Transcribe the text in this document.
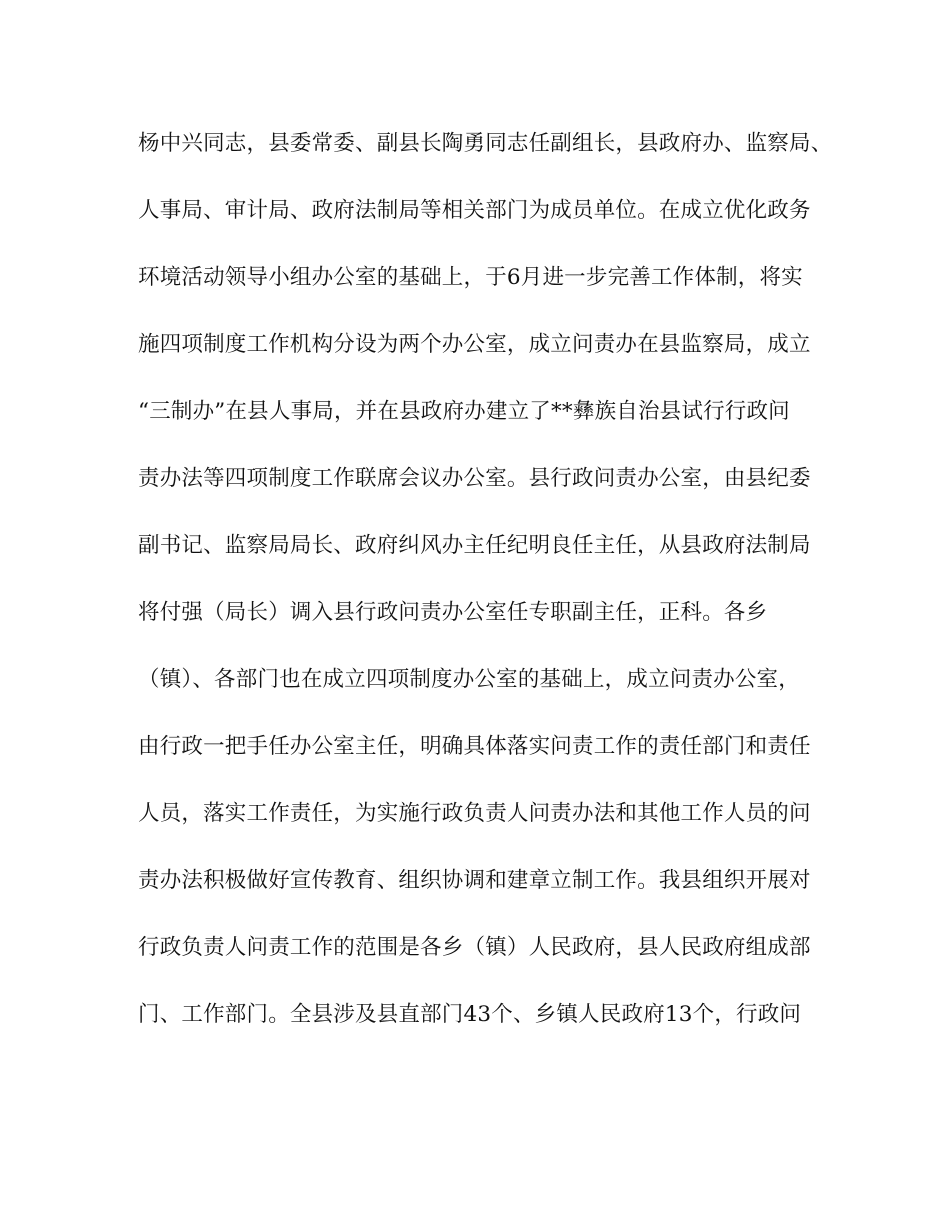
杨中兴同志，县委常委、副县长陶勇同志任副组长，县政府办、监察局、
人事局、审计局、政府法制局等相关部门为成员单位。在成立优化政务
环境活动领导小组办公室的基础上，于6月进一步完善工作体制，将实
施四项制度工作机构分设为两个办公室，成立问责办在县监察局，成立
“三制办”在县人事局，并在县政府办建立了**彝族自治县试行行政问
责办法等四项制度工作联席会议办公室。县行政问责办公室，由县纪委
副书记、监察局局长、政府纠风办主任纪明良任主任，从县政府法制局
将付强（局长）调入县行政问责办公室任专职副主任，正科。各乡
（镇）、各部门也在成立四项制度办公室的基础上，成立问责办公室，
由行政一把手任办公室主任，明确具体落实问责工作的责任部门和责任
人员，落实工作责任，为实施行政负责人问责办法和其他工作人员的问
责办法积极做好宣传教育、组织协调和建章立制工作。我县组织开展对
行政负责人问责工作的范围是各乡（镇）人民政府，县人民政府组成部
门、工作部门。全县涉及县直部门43个、乡镇人民政府13个，行政问
